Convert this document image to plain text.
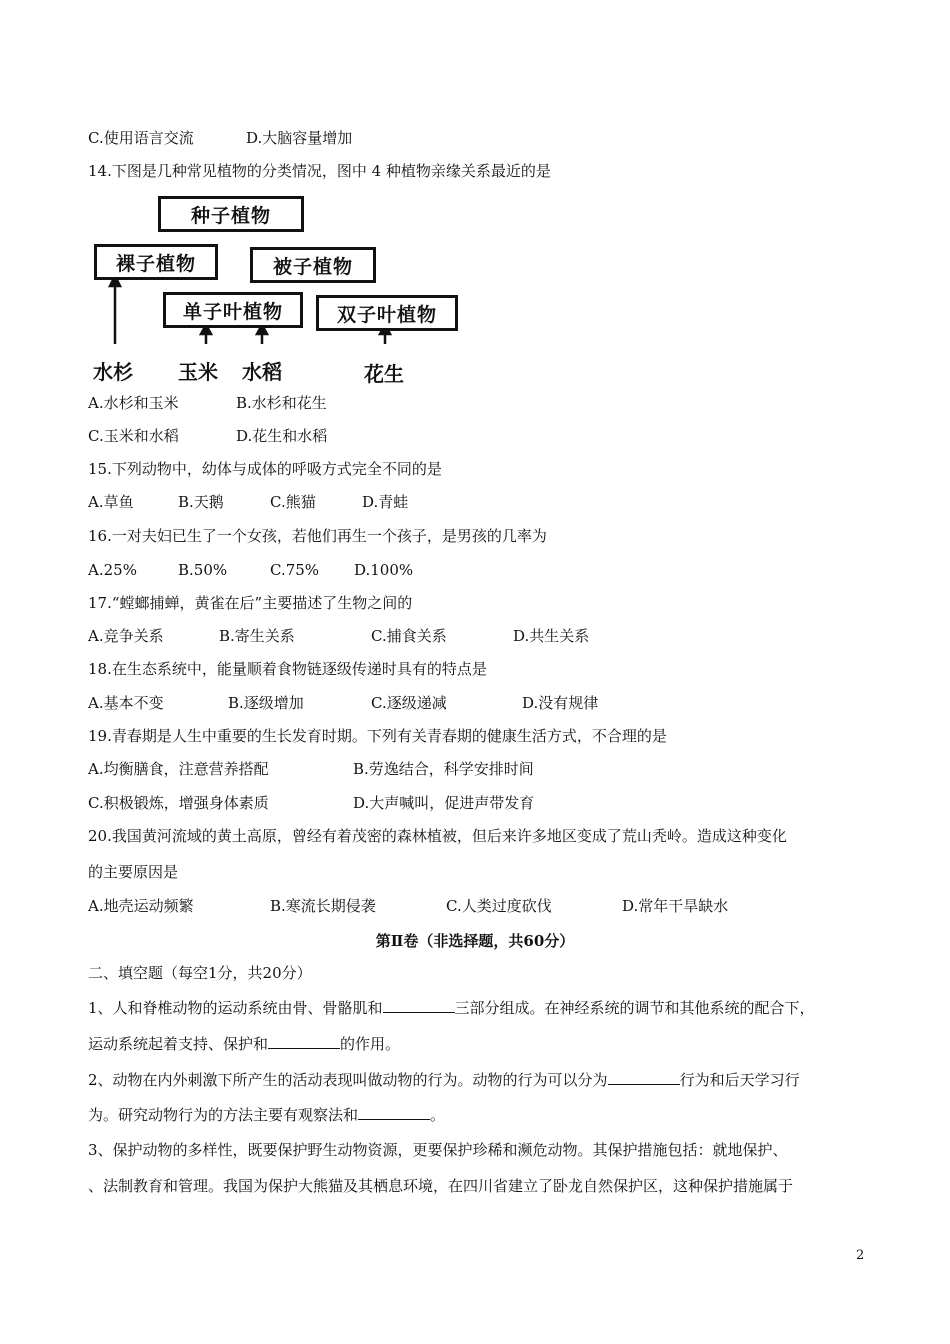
C.使用语言交流	D.大脑容量增加
14.下图是几种常见植物的分类情况，图中 4 种植物亲缘关系最近的是
种子植物
裸子植物	被子植物
单子叶植物	双子叶植物
水杉 玉米 水稻	花生
A.水杉和玉米	B.水杉和花生
C.玉米和水稻	D.花生和水稻
15.下列动物中，幼体与成体的呼吸方式完全不同的是
A.草鱼	B.天鹅	C.熊猫	D.青蛙
16.一对夫妇已生了一个女孩，若他们再生一个孩子，是男孩的几率为
A.25%	B.50%	C.75% D.100%
17.“螳螂捕蝉，黄雀在后”主要描述了生物之间的
A.竞争关系	B.寄生关系	C.捕食关系	D.共生关系
18.在生态系统中，能量顺着食物链逐级传递时具有的特点是
A.基本不变	B.逐级增加	C.逐级递减	D.没有规律
19.青春期是人生中重要的生长发育时期。下列有关青春期的健康生活方式，不合理的是
A.均衡膳食，注意营养搭配	B.劳逸结合，科学安排时间
C.积极锻炼，增强身体素质	D.大声喊叫，促进声带发育
20.我国黄河流域的黄土高原，曾经有着茂密的森林植被，但后来许多地区变成了荒山秃岭。造成这种变化
的主要原因是
A.地壳运动频繁	B.寒流长期侵袭	C.人类过度砍伐	D.常年干旱缺水
第Ⅱ卷（非选择题，共60分）
二、填空题（每空1分，共20分）
1、人和脊椎动物的运动系统由骨、骨骼肌和	三部分组成。在神经系统的调节和其他系统的配合下，
运动系统起着支持、保护和	的作用。
2、动物在内外刺激下所产生的活动表现叫做动物的行为。动物的行为可以分为	行为和后天学习行
为。研究动物行为的方法主要有观察法和	。
3、保护动物的多样性，既要保护野生动物资源，更要保护珍稀和濒危动物。其保护措施包括：就地保护、
、法制教育和管理。我国为保护大熊猫及其栖息环境，在四川省建立了卧龙自然保护区，这种保护措施属于
2
